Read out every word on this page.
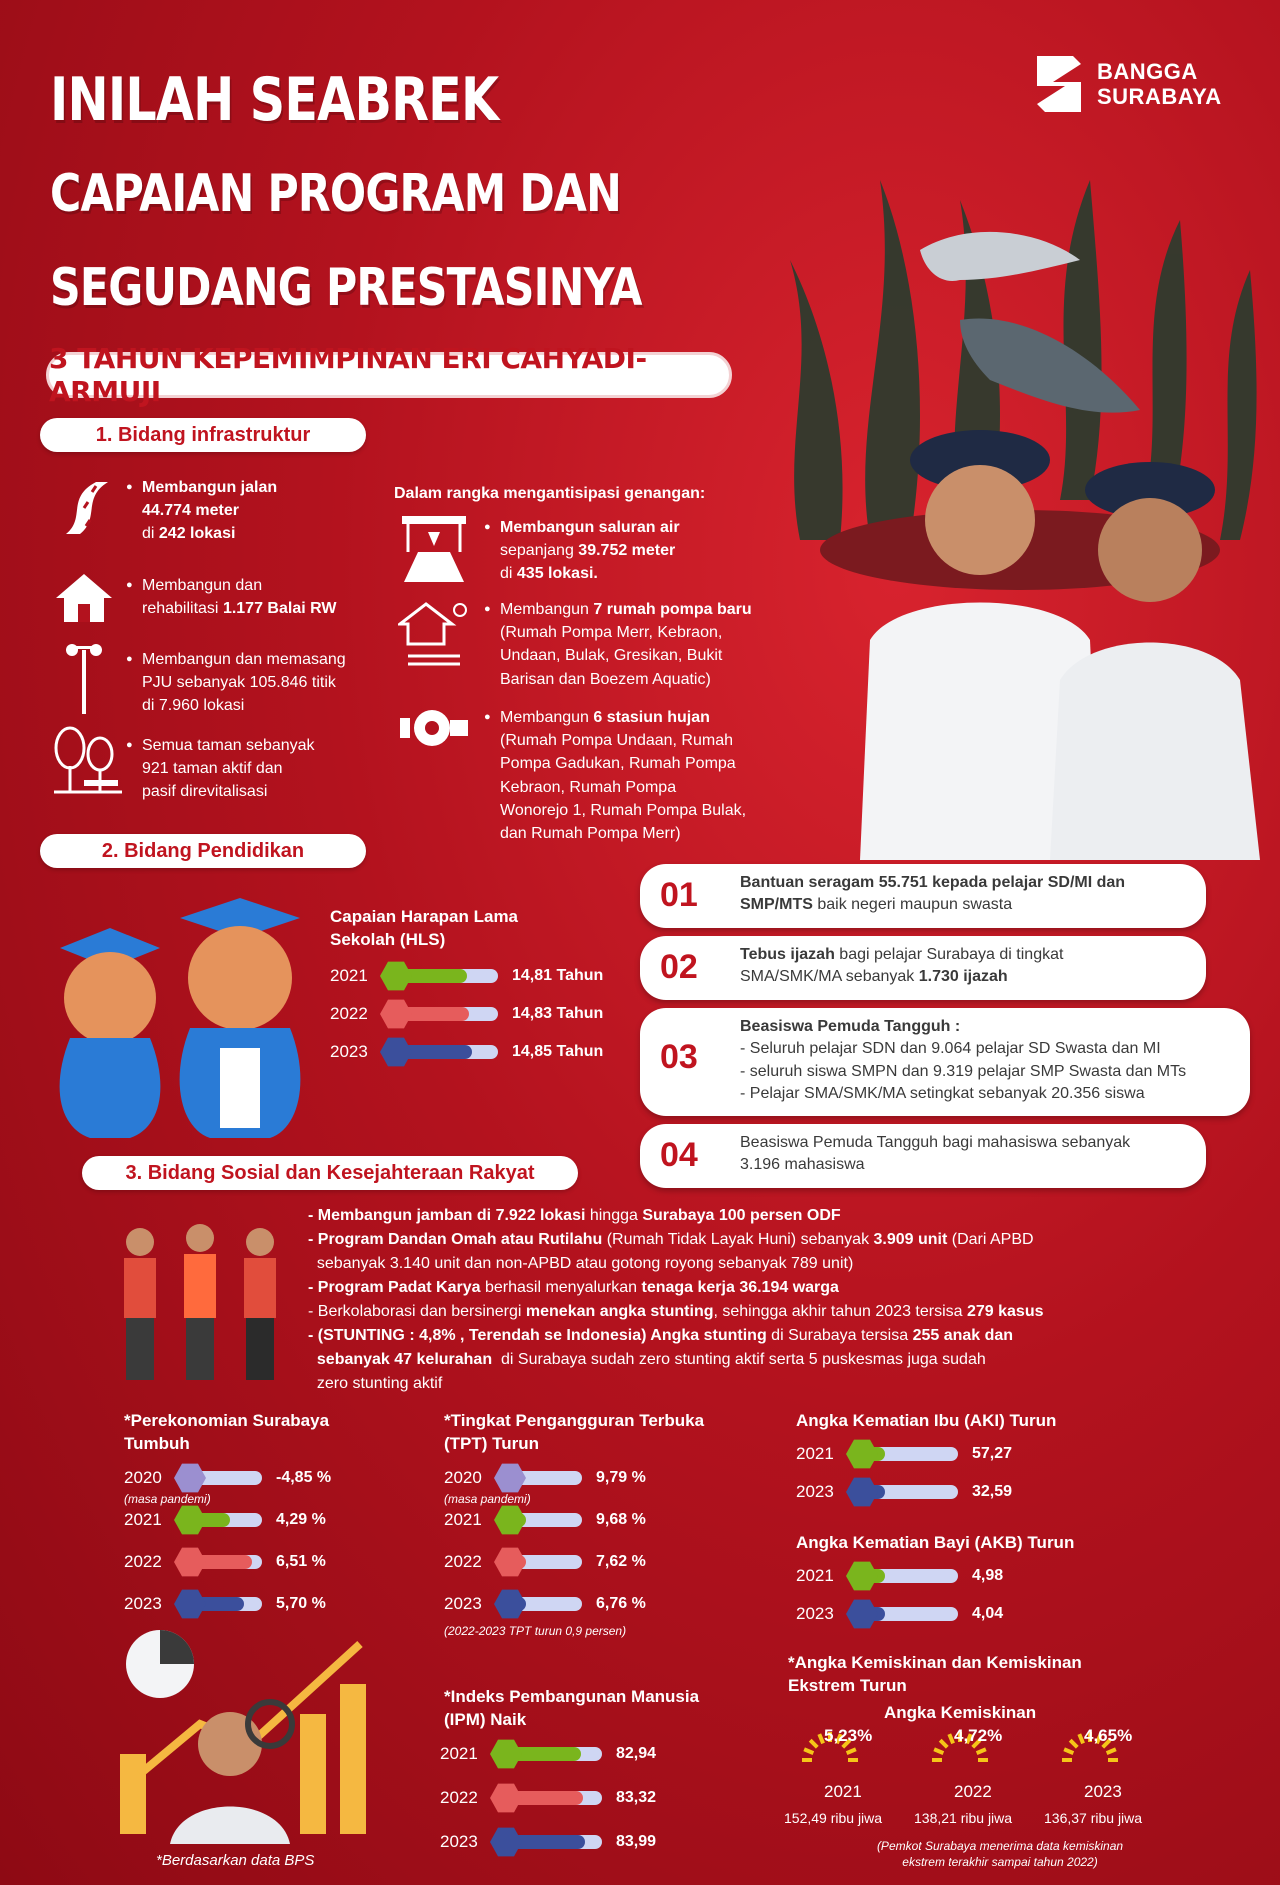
INILAH SEABREK
CAPAIAN PROGRAM DAN
SEGUDANG PRESTASINYA
3 TAHUN KEPEMIMPINAN ERI CAHYADI-ARMUJI
BANGGA
SURABAYA
1. Bidang infrastruktur
● Membangun jalan
44.774 meter
di 242 lokasi
● Membangun dan
rehabilitasi 1.177 Balai RW
● Membangun dan memasang
PJU sebanyak 105.846 titik
di 7.960 lokasi
● Semua taman sebanyak
921 taman aktif dan
pasif direvitalisasi
Dalam rangka mengantisipasi genangan:
● Membangun saluran air
sepanjang 39.752 meter
di 435 lokasi.
● Membangun 7 rumah pompa baru
(Rumah Pompa Merr, Kebraon,
Undaan, Bulak, Gresikan, Bukit
Barisan dan Boezem Aquatic)
● Membangun 6 stasiun hujan
(Rumah Pompa Undaan, Rumah
Pompa Gadukan, Rumah Pompa
Kebraon, Rumah Pompa
Wonorejo 1, Rumah Pompa Bulak,
dan Rumah Pompa Merr)
2. Bidang Pendidikan
Capaian Harapan Lama
Sekolah (HLS)
2021	14,81 Tahun
2022	14,83 Tahun
2023	14,85 Tahun
01	Bantuan seragam 55.751 kepada pelajar SD/MI dan
SMP/MTS baik negeri maupun swasta
02	Tebus ijazah bagi pelajar Surabaya di tingkat
SMA/SMK/MA sebanyak 1.730 ijazah
03
Beasiswa Pemuda Tangguh :
- Seluruh pelajar SDN dan 9.064 pelajar SD Swasta dan MI
- seluruh siswa SMPN dan 9.319 pelajar SMP Swasta dan MTs
- Pelajar SMA/SMK/MA setingkat sebanyak 20.356 siswa
04	Beasiswa Pemuda Tangguh bagi mahasiswa sebanyak
3.196 mahasiswa
3. Bidang Sosial dan Kesejahteraan Rakyat
- Membangun jamban di 7.922 lokasi hingga Surabaya 100 persen ODF
- Program Dandan Omah atau Rutilahu (Rumah Tidak Layak Huni) sebanyak 3.909 unit (Dari APBD
sebanyak 3.140 unit dan non-APBD atau gotong royong sebanyak 789 unit)
- Program Padat Karya berhasil menyalurkan tenaga kerja 36.194 warga
- Berkolaborasi dan bersinergi menekan angka stunting, sehingga akhir tahun 2023 tersisa 279 kasus
- (STUNTING : 4,8% , Terendah se Indonesia) Angka stunting di Surabaya tersisa 255 anak dan
sebanyak 47 kelurahan  di Surabaya sudah zero stunting aktif serta 5 puskesmas juga sudah
zero stunting aktif
*Perekonomian Surabaya
Tumbuh
2020	-4,85 %
2021	4,29 %
2022	6,51 %
2023	5,70 %
(masa pandemi)
*Tingkat Pengangguran Terbuka
(TPT) Turun
2020	9,79 %
2021	9,68 %
2022	7,62 %
2023	6,76 %
(masa pandemi)
(2022-2023 TPT turun 0,9 persen)
*Indeks Pembangunan Manusia
(IPM) Naik
2021	82,94
2022	83,32
2023	83,99
Angka Kematian Ibu (AKI) Turun
2021	57,27
2023	32,59
Angka Kematian Bayi (AKB) Turun
2021	4,98
2023	4,04
*Angka Kemiskinan dan Kemiskinan
Ekstrem Turun
Angka Kemiskinan
5,23%
2021
152,49 ribu jiwa
4,72%
2022
138,21 ribu jiwa
4,65%
2023
136,37 ribu jiwa
(Pemkot Surabaya menerima data kemiskinan
ekstrem terakhir sampai tahun 2022)
*Berdasarkan data BPS
